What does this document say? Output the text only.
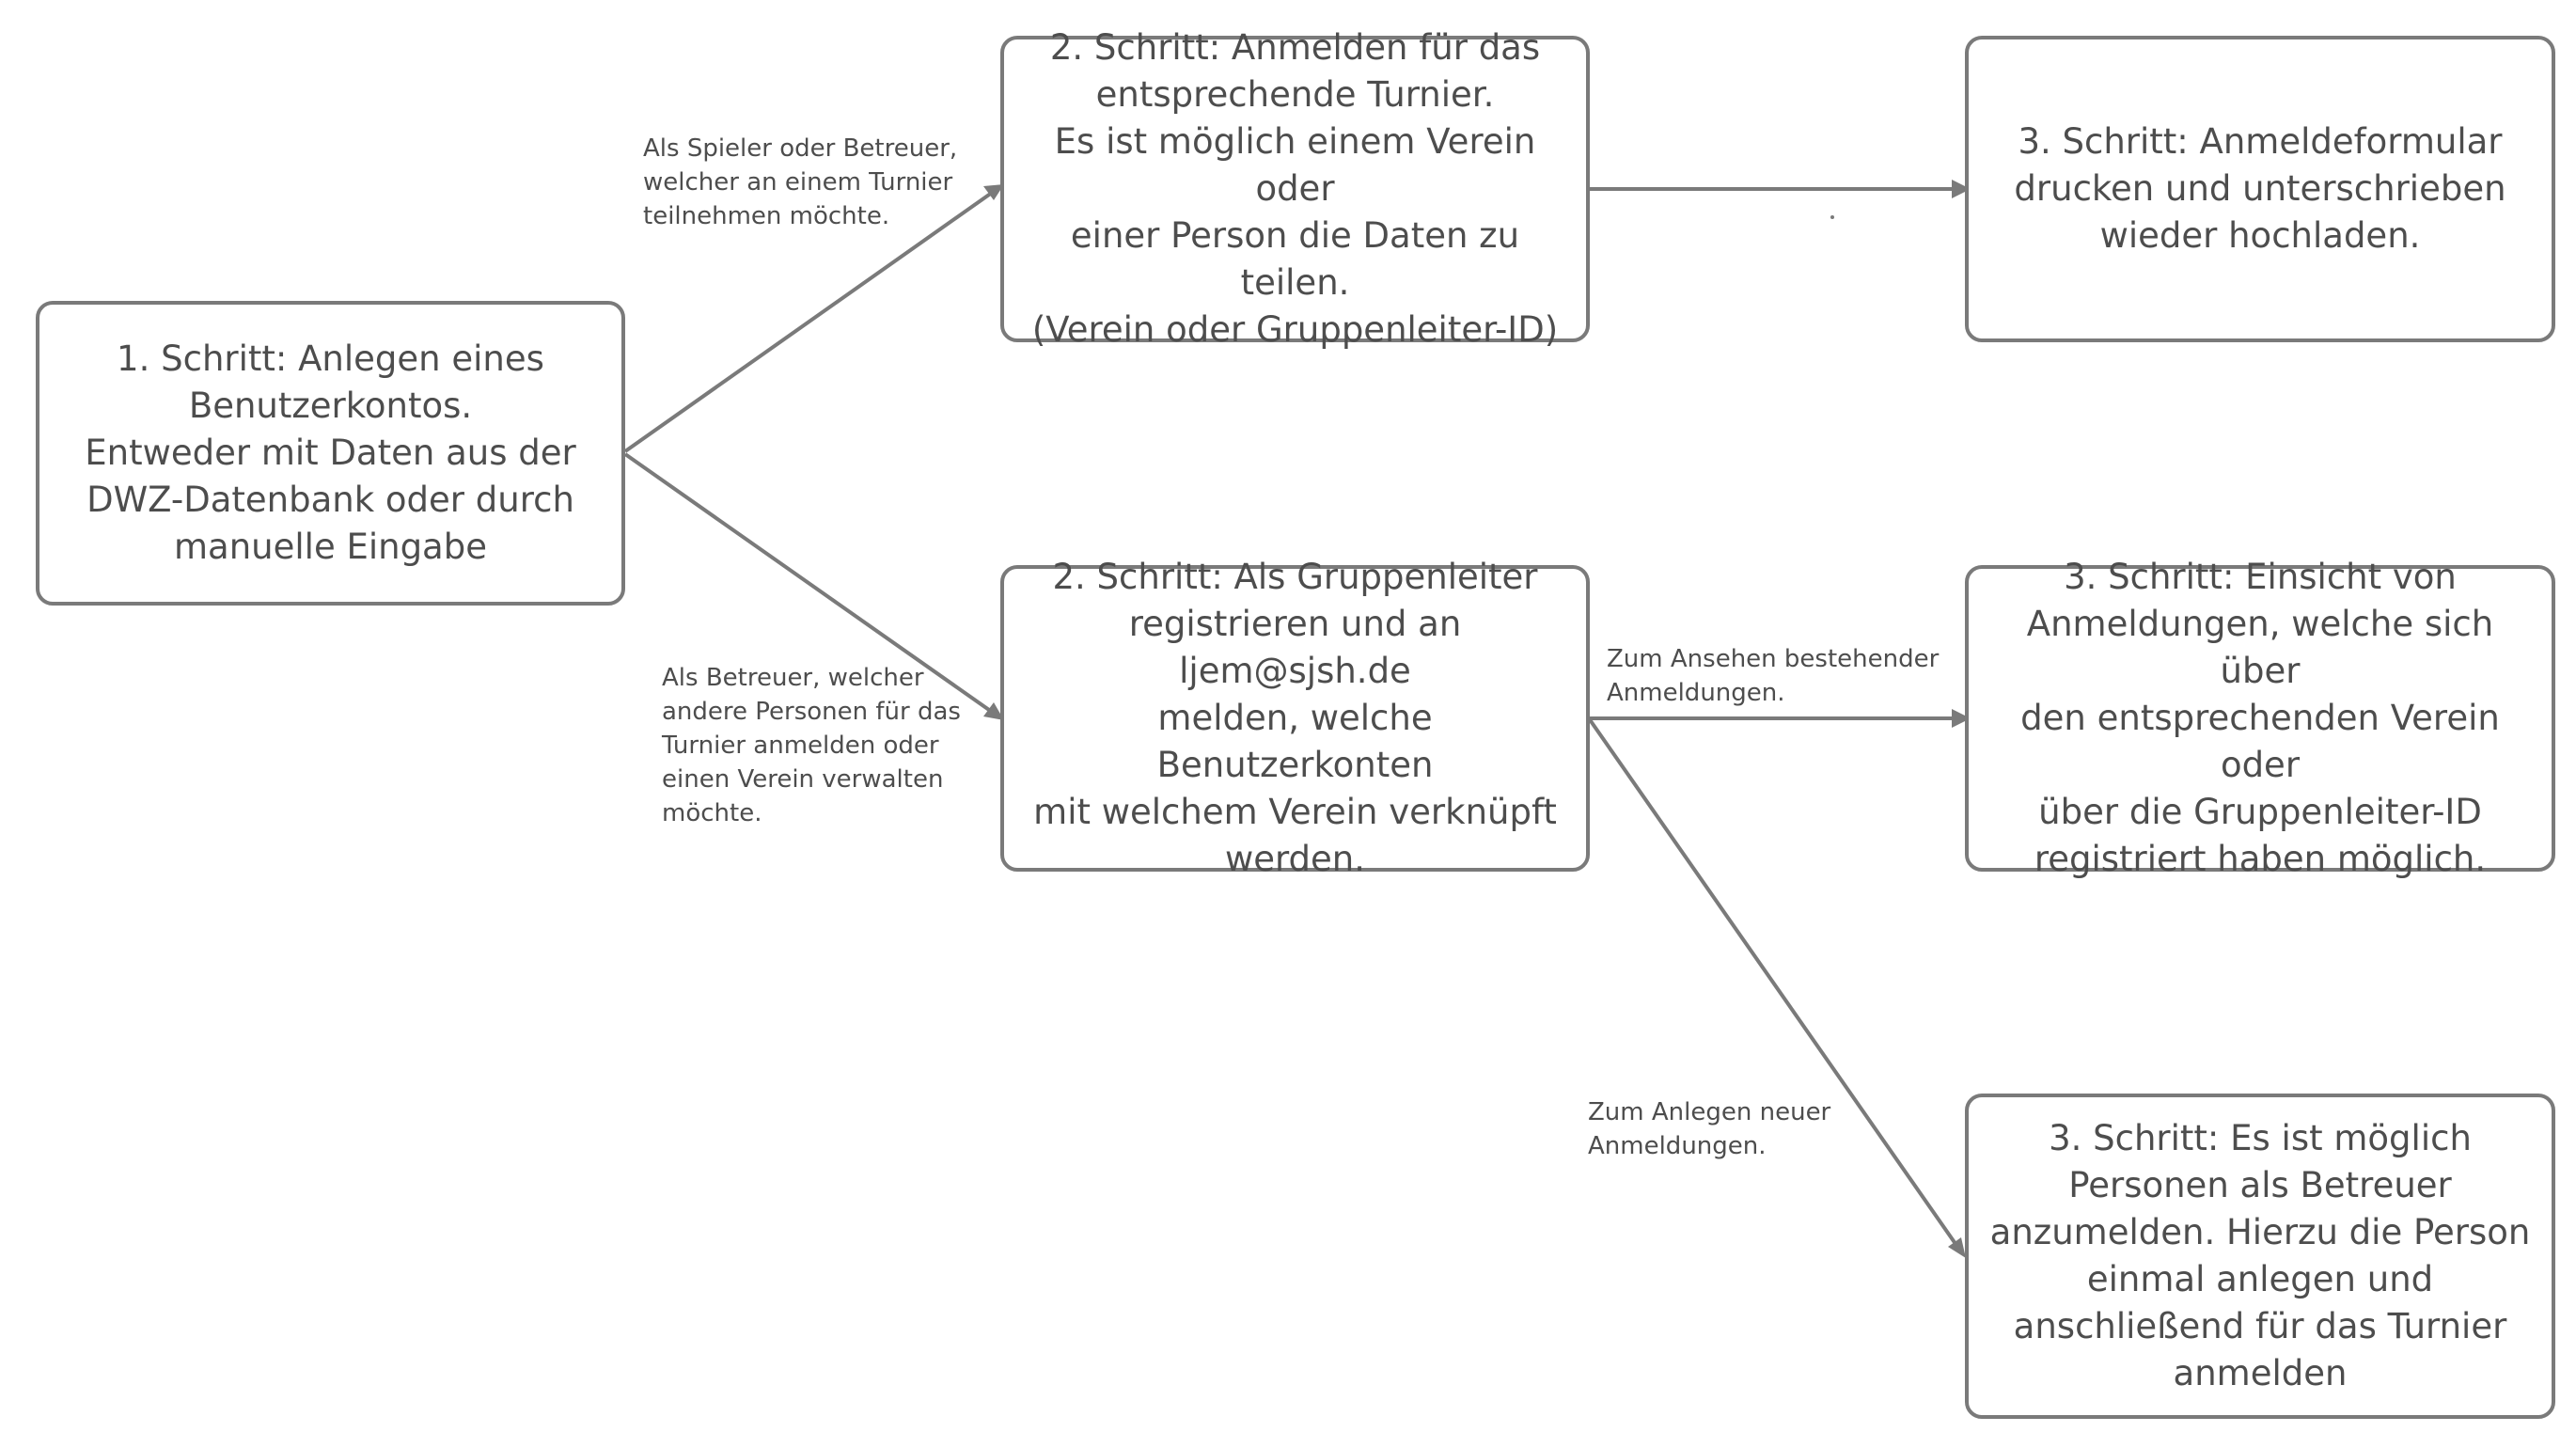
1. Schritt: Anlegen eines
Benutzerkontos.
Entweder mit Daten aus der
DWZ-Datenbank oder durch
manuelle Eingabe
2. Schritt: Anmelden für das
entsprechende Turnier.
Es ist möglich einem Verein oder
einer Person die Daten zu teilen.
(Verein oder Gruppenleiter-ID)
3. Schritt: Anmeldeformular
drucken und unterschrieben
wieder hochladen.
2. Schritt: Als Gruppenleiter
registrieren und an ljem@sjsh.de
melden, welche Benutzerkonten
mit welchem Verein verknüpft
werden.
3. Schritt: Einsicht von
Anmeldungen, welche sich über
den entsprechenden Verein oder
über die Gruppenleiter-ID
registriert haben möglich.
3. Schritt: Es ist möglich
Personen als Betreuer
anzumelden. Hierzu die Person
einmal anlegen und
anschließend für das Turnier
anmelden
Als Spieler oder Betreuer,
welcher an einem Turnier
teilnehmen möchte.
Als Betreuer, welcher
andere Personen für das
Turnier anmelden oder
einen Verein verwalten
möchte.
Zum Ansehen bestehender
Anmeldungen.
Zum Anlegen neuer
Anmeldungen.
